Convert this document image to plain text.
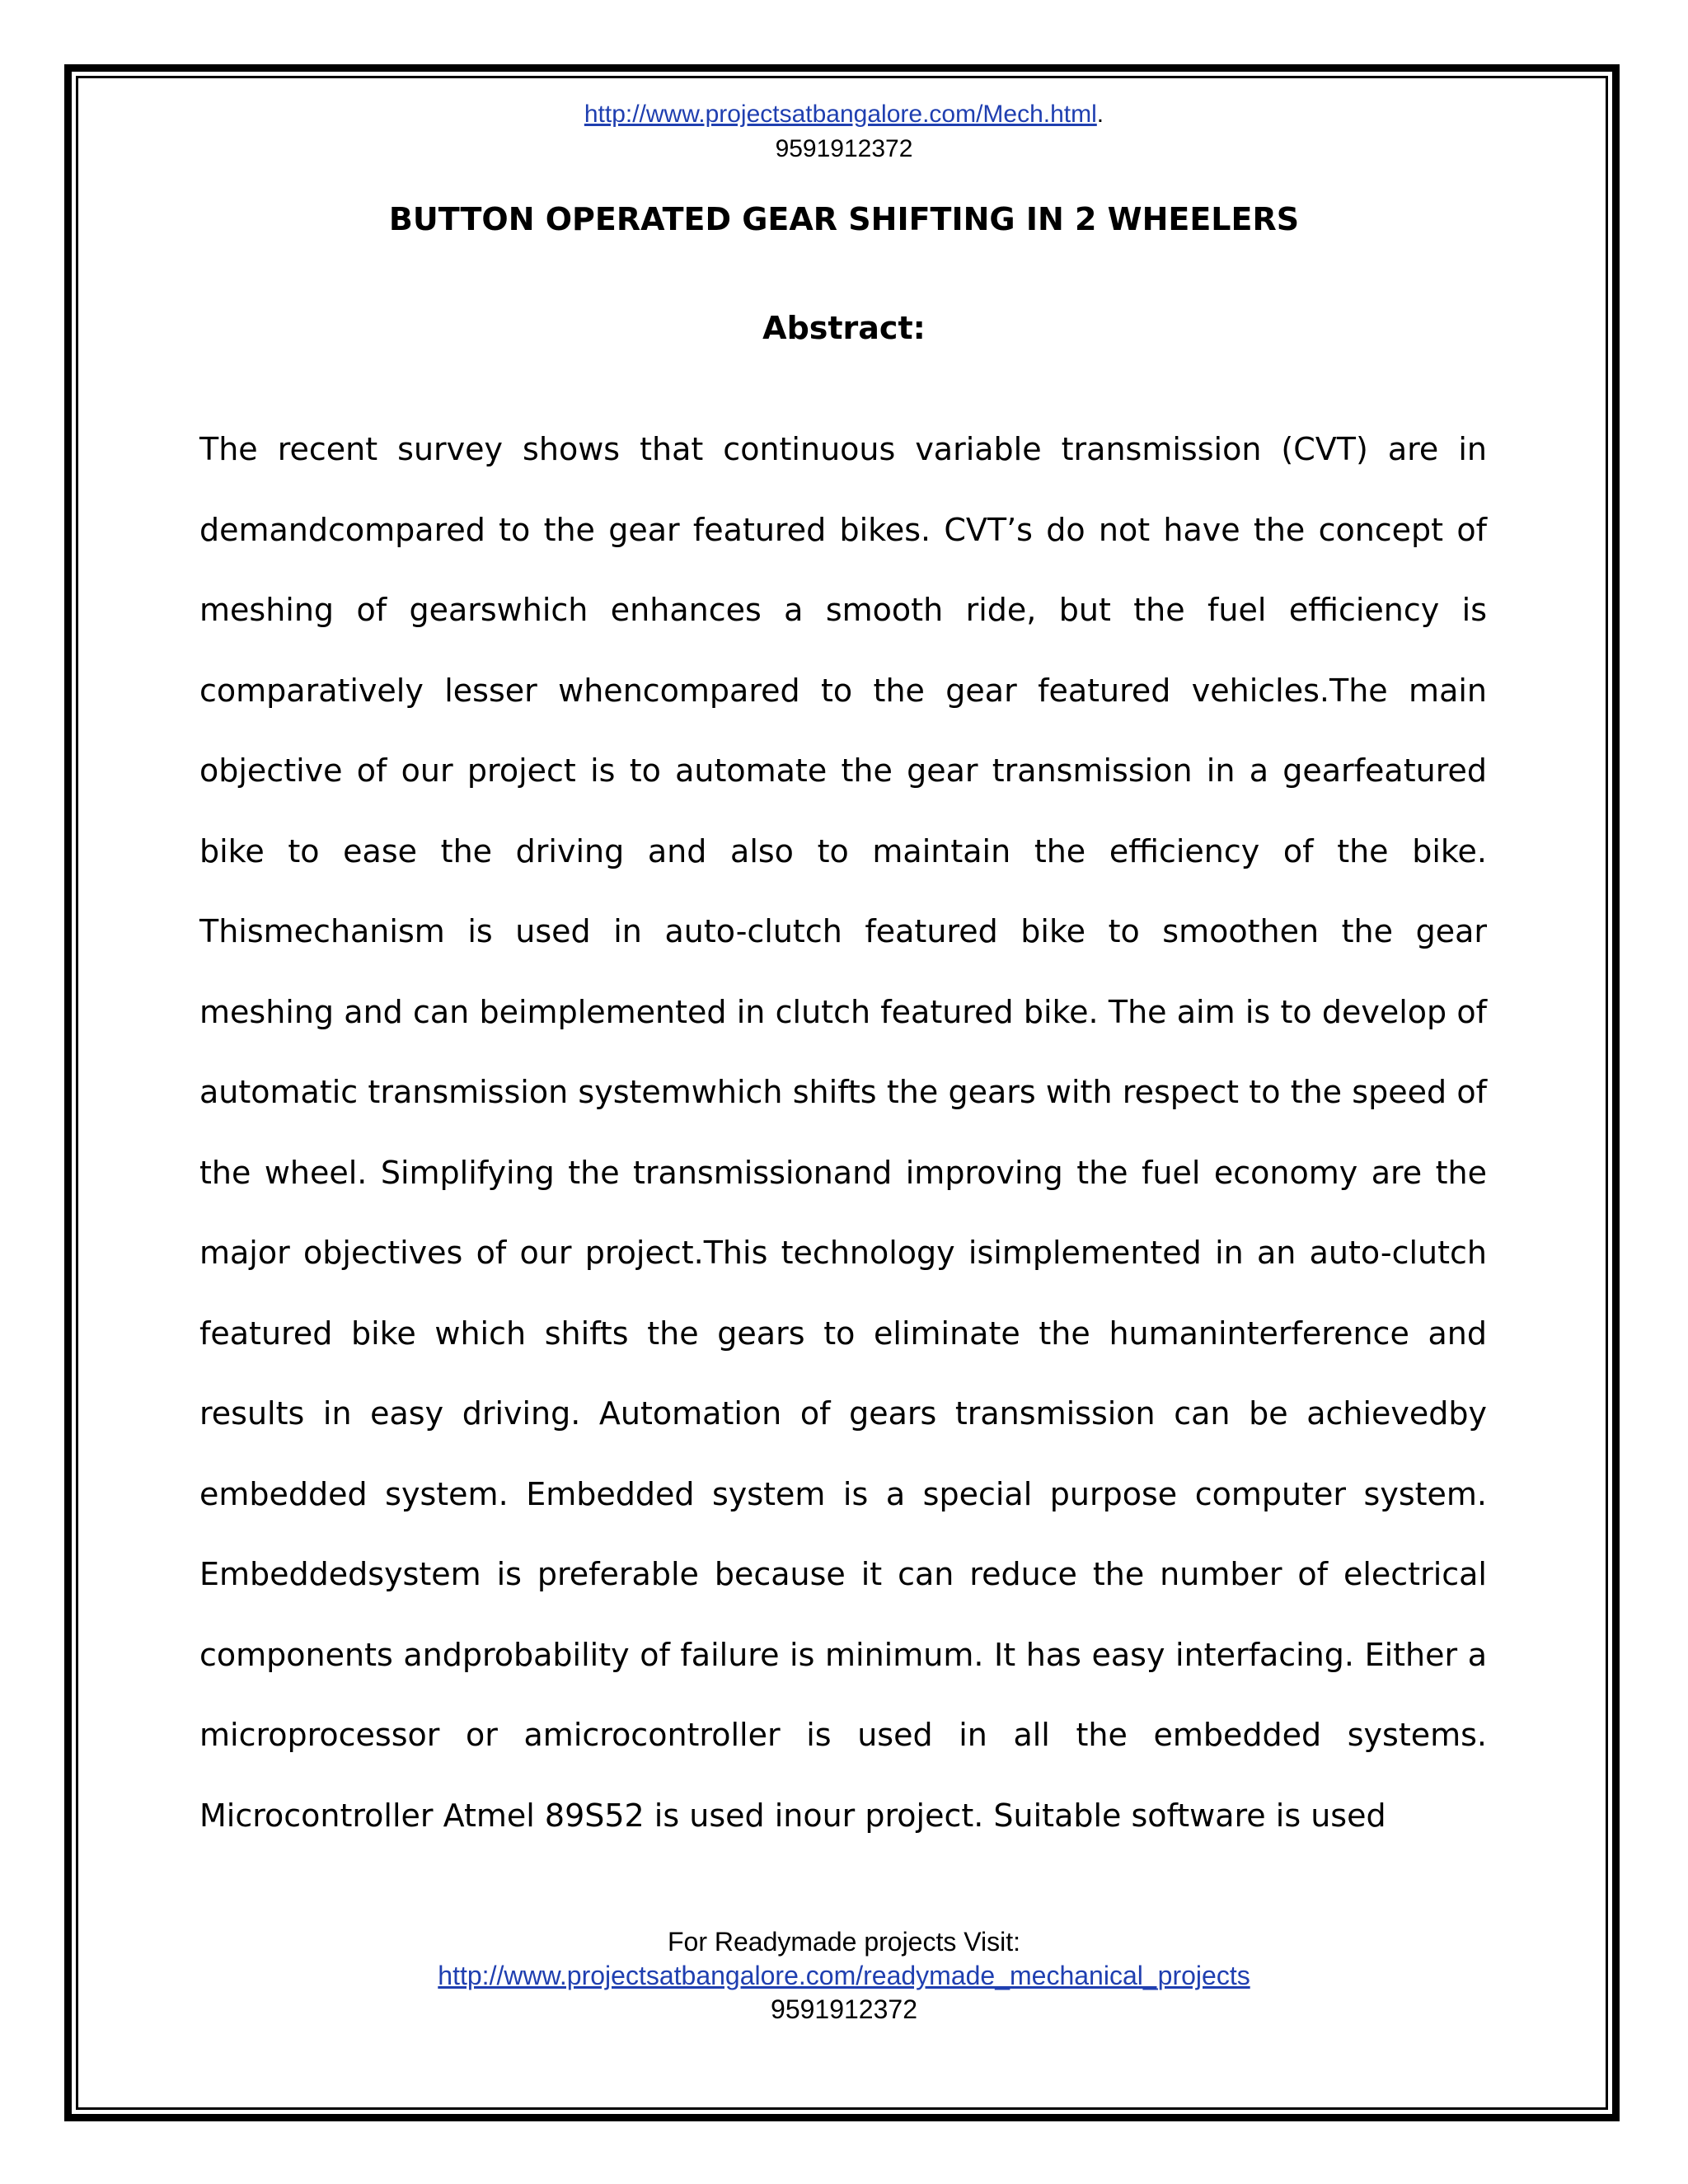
http://www.projectsatbangalore.com/Mech.html.
9591912372
BUTTON OPERATED GEAR SHIFTING IN 2 WHEELERS
Abstract:

The recent survey shows that continuous variable transmission (CVT) are in demandcompared to the gear featured bikes. CVT’s do not have the concept of meshing of gearswhich enhances a smooth ride, but the fuel efficiency is comparatively lesser whencompared to the gear featured vehicles.The main objective of our project is to automate the gear transmission in a gearfeatured bike to ease the driving and also to maintain the efficiency of the bike. Thismechanism is used in auto-clutch featured bike to smoothen the gear meshing and can beimplemented in clutch featured bike. The aim is to develop of automatic transmission systemwhich shifts the gears with respect to the speed of the wheel. Simplifying the transmissionand improving the fuel economy are the major objectives of our project.This technology isimplemented in an auto-clutch featured bike which shifts the gears to eliminate the humaninterference and results in easy driving. Automation of gears transmission can be achievedby embedded system. Embedded system is a special purpose computer system. Embeddedsystem is preferable because it can reduce the number of electrical components andprobability of failure is minimum. It has easy interfacing. Either a microprocessor or amicrocontroller is used in all the embedded systems. Microcontroller Atmel 89S52 is used inour project. Suitable software is used

For Readymade projects Visit:
http://www.projectsatbangalore.com/readymade_mechanical_projects
9591912372
